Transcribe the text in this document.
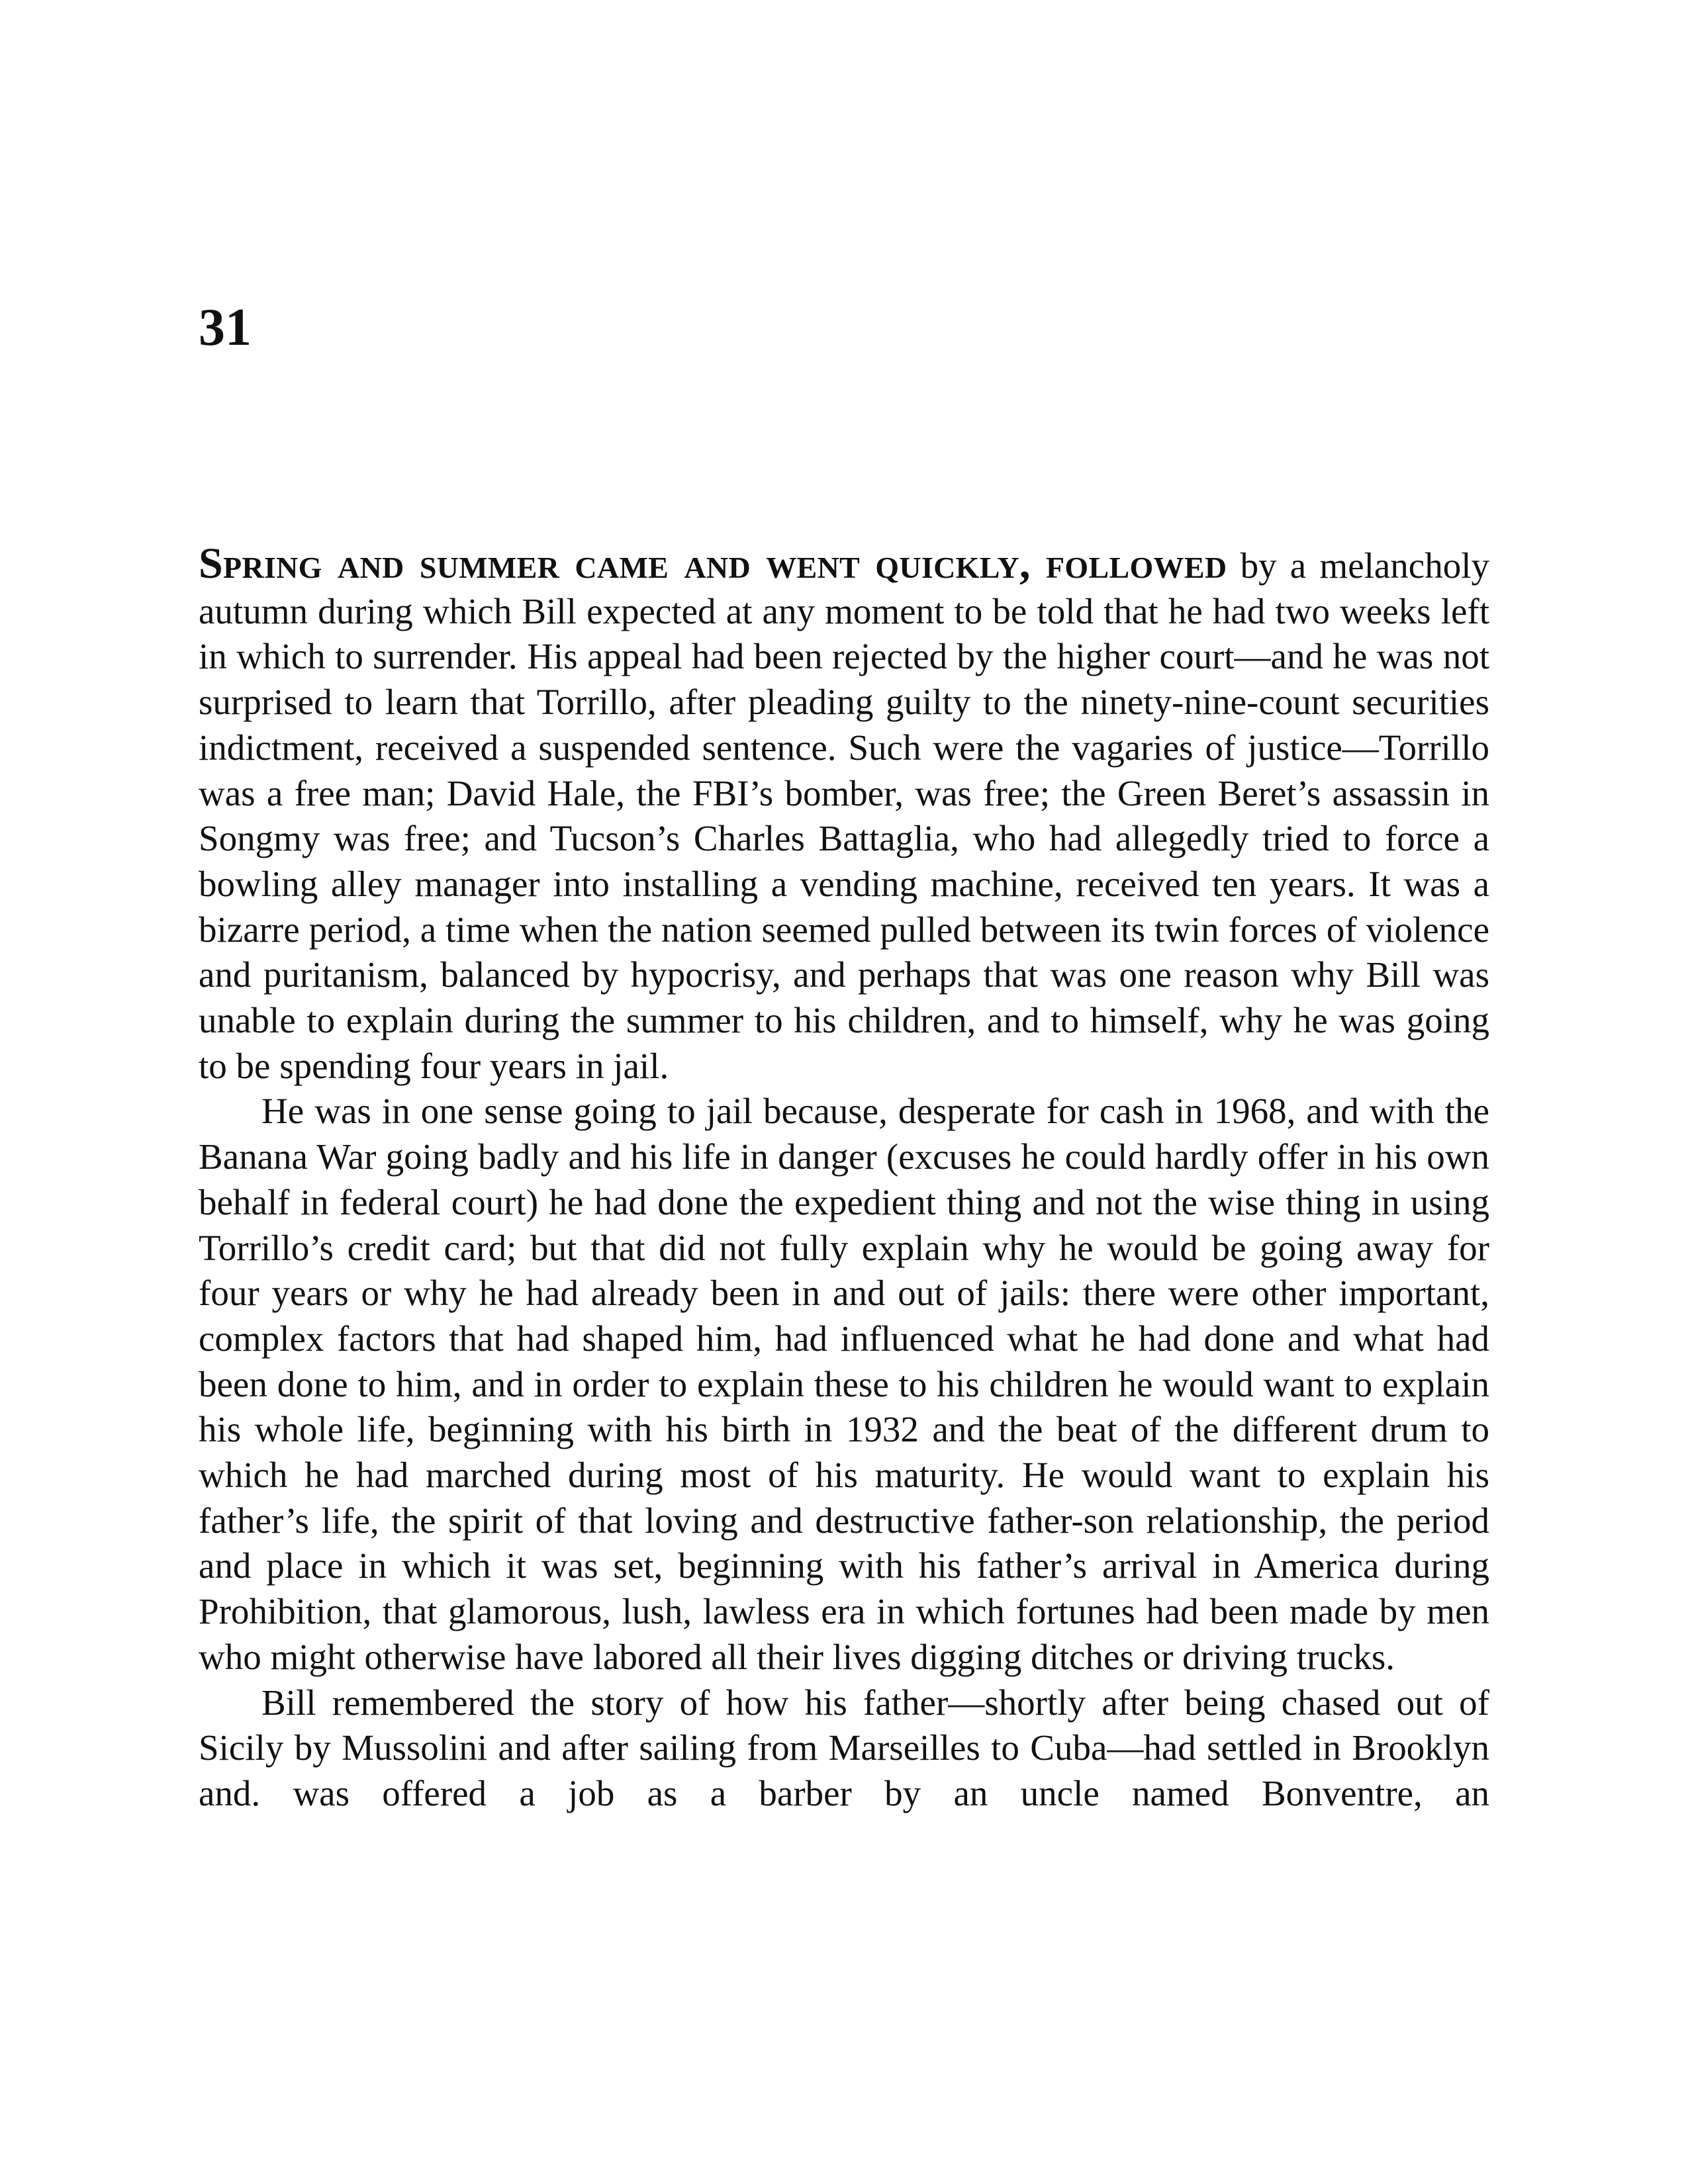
31

Spring and summer came and went quickly, followed by a melancholy autumn during which Bill expected at any moment to be told that he had two weeks left in which to surrender. His appeal had been rejected by the higher court—and he was not surprised to learn that Torrillo, after pleading guilty to the ninety-nine-count securities indictment, received a suspended sentence. Such were the vagaries of justice—Torrillo was a free man; David Hale, the FBI’s bomber, was free; the Green Beret’s assassin in Songmy was free; and Tucson’s Charles Battaglia, who had allegedly tried to force a bowling alley manager into installing a vending machine, received ten years. It was a bizarre period, a time when the nation seemed pulled between its twin forces of violence and puritanism, balanced by hypocrisy, and perhaps that was one reason why Bill was unable to explain during the summer to his children, and to himself, why he was going to be spending four years in jail.

He was in one sense going to jail because, desperate for cash in 1968, and with the Banana War going badly and his life in danger (excuses he could hardly offer in his own behalf in federal court) he had done the expedient thing and not the wise thing in using Torrillo’s credit card; but that did not fully explain why he would be going away for four years or why he had already been in and out of jails: there were other important, complex factors that had shaped him, had influenced what he had done and what had been done to him, and in order to explain these to his children he would want to explain his whole life, beginning with his birth in 1932 and the beat of the different drum to which he had marched during most of his maturity. He would want to explain his father’s life, the spirit of that loving and destructive father-son relationship, the period and place in which it was set, beginning with his father’s arrival in America during Prohibition, that glamorous, lush, lawless era in which fortunes had been made by men who might otherwise have labored all their lives digging ditches or driving trucks.

Bill remembered the story of how his father—shortly after being chased out of Sicily by Mussolini and after sailing from Marseilles to Cuba—had settled in Brooklyn and. was offered a job as a barber by an uncle named Bonventre, an
